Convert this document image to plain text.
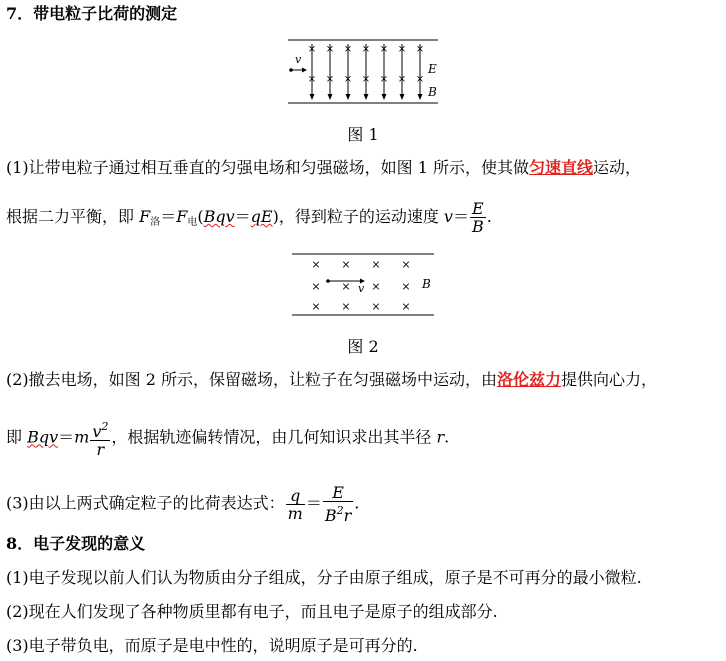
7．带电粒子比荷的测定
×
×
×
×
×
×
×
×
×
×
×
×
×
×
v
E
B
图 1
(1)让带电粒子通过相互垂直的匀强电场和匀强磁场，如图 1 所示，使其做匀速直线运动，
根据二力平衡，即 $F_洛=F_电(Bqv=qE)$，得到粒子的运动速度 $v= \frac{E}{B}$ .
× × × ×
× × × ×
× × × ×
v	B
图 2
(2)撤去电场，如图 2 所示，保留磁场，让粒子在匀强磁场中运动，由洛伦兹力提供向心力，
即 $Bqv=m \frac{v^2}{r}$ ，根据轨迹偏转情况，由几何知识求出其半径 r.
(3)由以上两式确定粒子的比荷表达式： $\frac{q}{m} = \frac{E}{B^2r}$ .
8．电子发现的意义
(1)电子发现以前人们认为物质由分子组成，分子由原子组成，原子是不可再分的最小微粒.
(2)现在人们发现了各种物质里都有电子，而且电子是原子的组成部分.
(3)电子带负电，而原子是电中性的，说明原子是可再分的.
